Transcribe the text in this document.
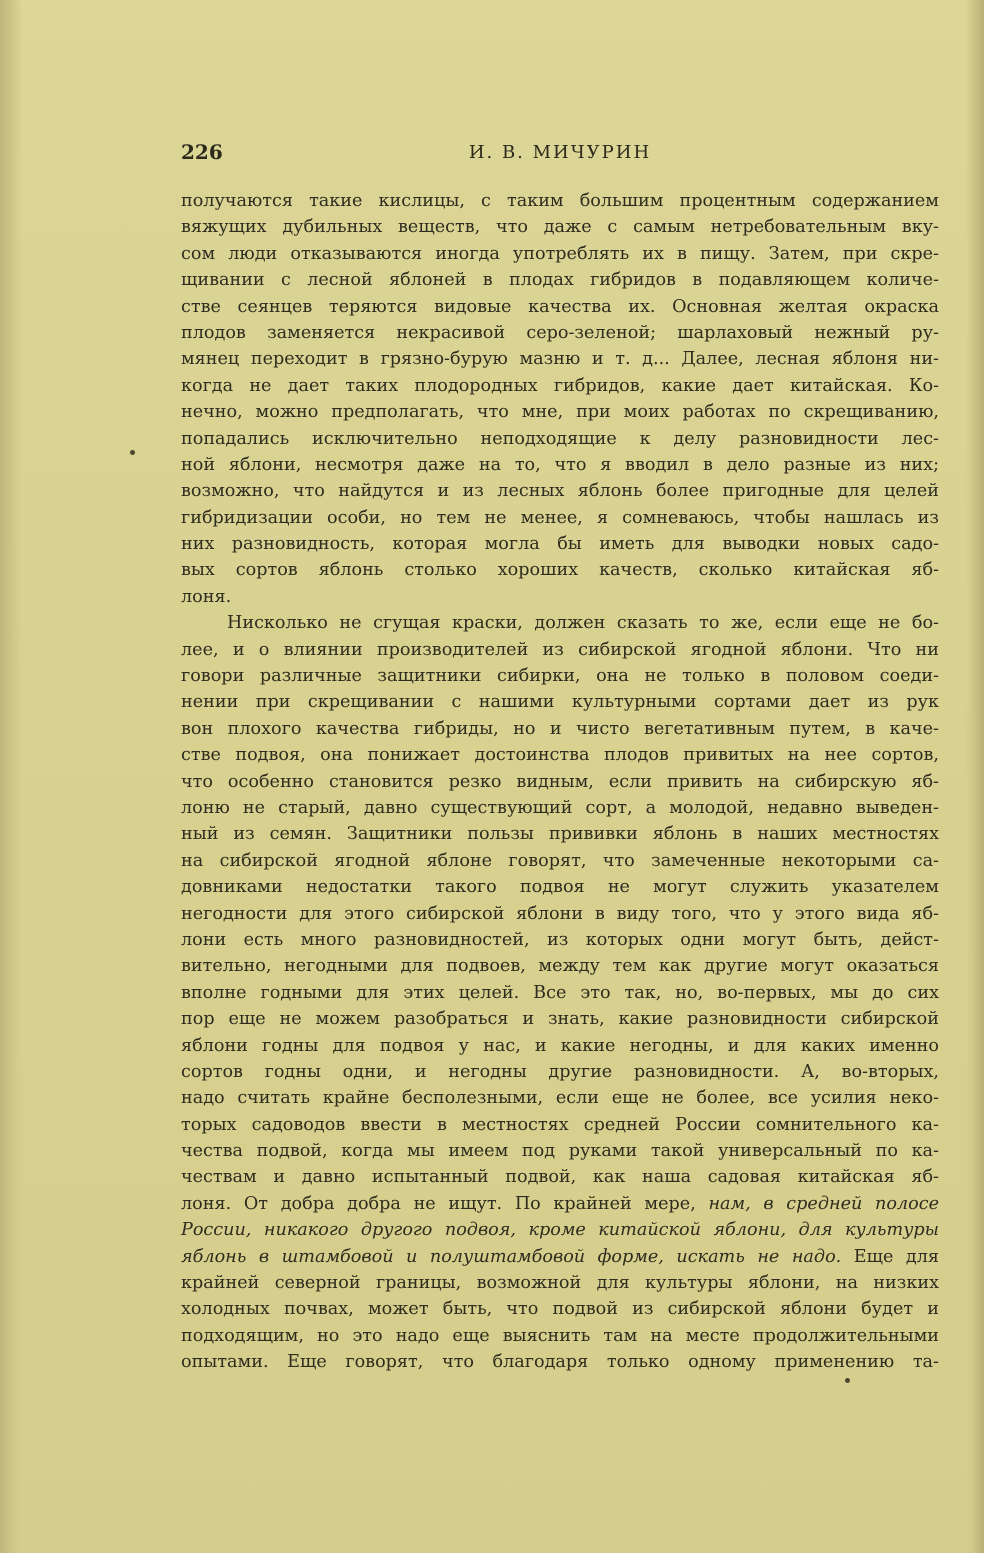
226	И. В. МИЧУРИН
получаются такие кислицы, с таким большим процентным содержанием
вяжущих дубильных веществ, что даже с самым нетребовательным вку-
сом люди отказываются иногда употреблять их в пищу. Затем, при скре-
щивании с лесной яблоней в плодах гибридов в подавляющем количе-
стве сеянцев теряются видовые качества их. Основная желтая окраска
плодов заменяется некрасивой серо-зеленой; шарлаховый нежный ру-
мянец переходит в грязно-бурую мазню и т. д... Далее, лесная яблоня ни-
когда не дает таких плодородных гибридов, какие дает китайская. Ко-
нечно, можно предполагать, что мне, при моих работах по скрещиванию,
попадались исключительно неподходящие к делу разновидности лес-
ной яблони, несмотря даже на то, что я вводил в дело разные из них;
возможно, что найдутся и из лесных яблонь более пригодные для целей
гибридизации особи, но тем не менее, я сомневаюсь, чтобы нашлась из
них разновидность, которая могла бы иметь для выводки новых садо-
вых сортов яблонь столько хороших качеств, сколько китайская яб-
лоня.
Нисколько не сгущая краски, должен сказать то же, если еще не бо-
лее, и о влиянии производителей из сибирской ягодной яблони. Что ни
говори различные защитники сибирки, она не только в половом соеди-
нении при скрещивании с нашими культурными сортами дает из рук
вон плохого качества гибриды, но и чисто вегетативным путем, в каче-
стве подвоя, она понижает достоинства плодов привитых на нее сортов,
что особенно становится резко видным, если привить на сибирскую яб-
лоню не старый, давно существующий сорт, а молодой, недавно выведен-
ный из семян. Защитники пользы прививки яблонь в наших местностях
на сибирской ягодной яблоне говорят, что замеченные некоторыми са-
довниками недостатки такого подвоя не могут служить указателем
негодности для этого сибирской яблони в виду того, что у этого вида яб-
лони есть много разновидностей, из которых одни могут быть, дейст-
вительно, негодными для подвоев, между тем как другие могут оказаться
вполне годными для этих целей. Все это так, но, во-первых, мы до сих
пор еще не можем разобраться и знать, какие разновидности сибирской
яблони годны для подвоя у нас, и какие негодны, и для каких именно
сортов годны одни, и негодны другие разновидности. А, во-вторых,
надо считать крайне бесполезными, если еще не более, все усилия неко-
торых садоводов ввести в местностях средней России сомнительного ка-
чества подвой, когда мы имеем под руками такой универсальный по ка-
чествам и давно испытанный подвой, как наша садовая китайская яб-
лоня. От добра добра не ищут. По крайней мере, нам, в средней полосе
России, никакого другого подвоя, кроме китайской яблони, для культуры
яблонь в штамбовой и полуштамбовой форме, искать не надо. Еще для
крайней северной границы, возможной для культуры яблони, на низких
холодных почвах, может быть, что подвой из сибирской яблони будет и
подходящим, но это надо еще выяснить там на месте продолжительными
опытами. Еще говорят, что благодаря только одному применению та-
